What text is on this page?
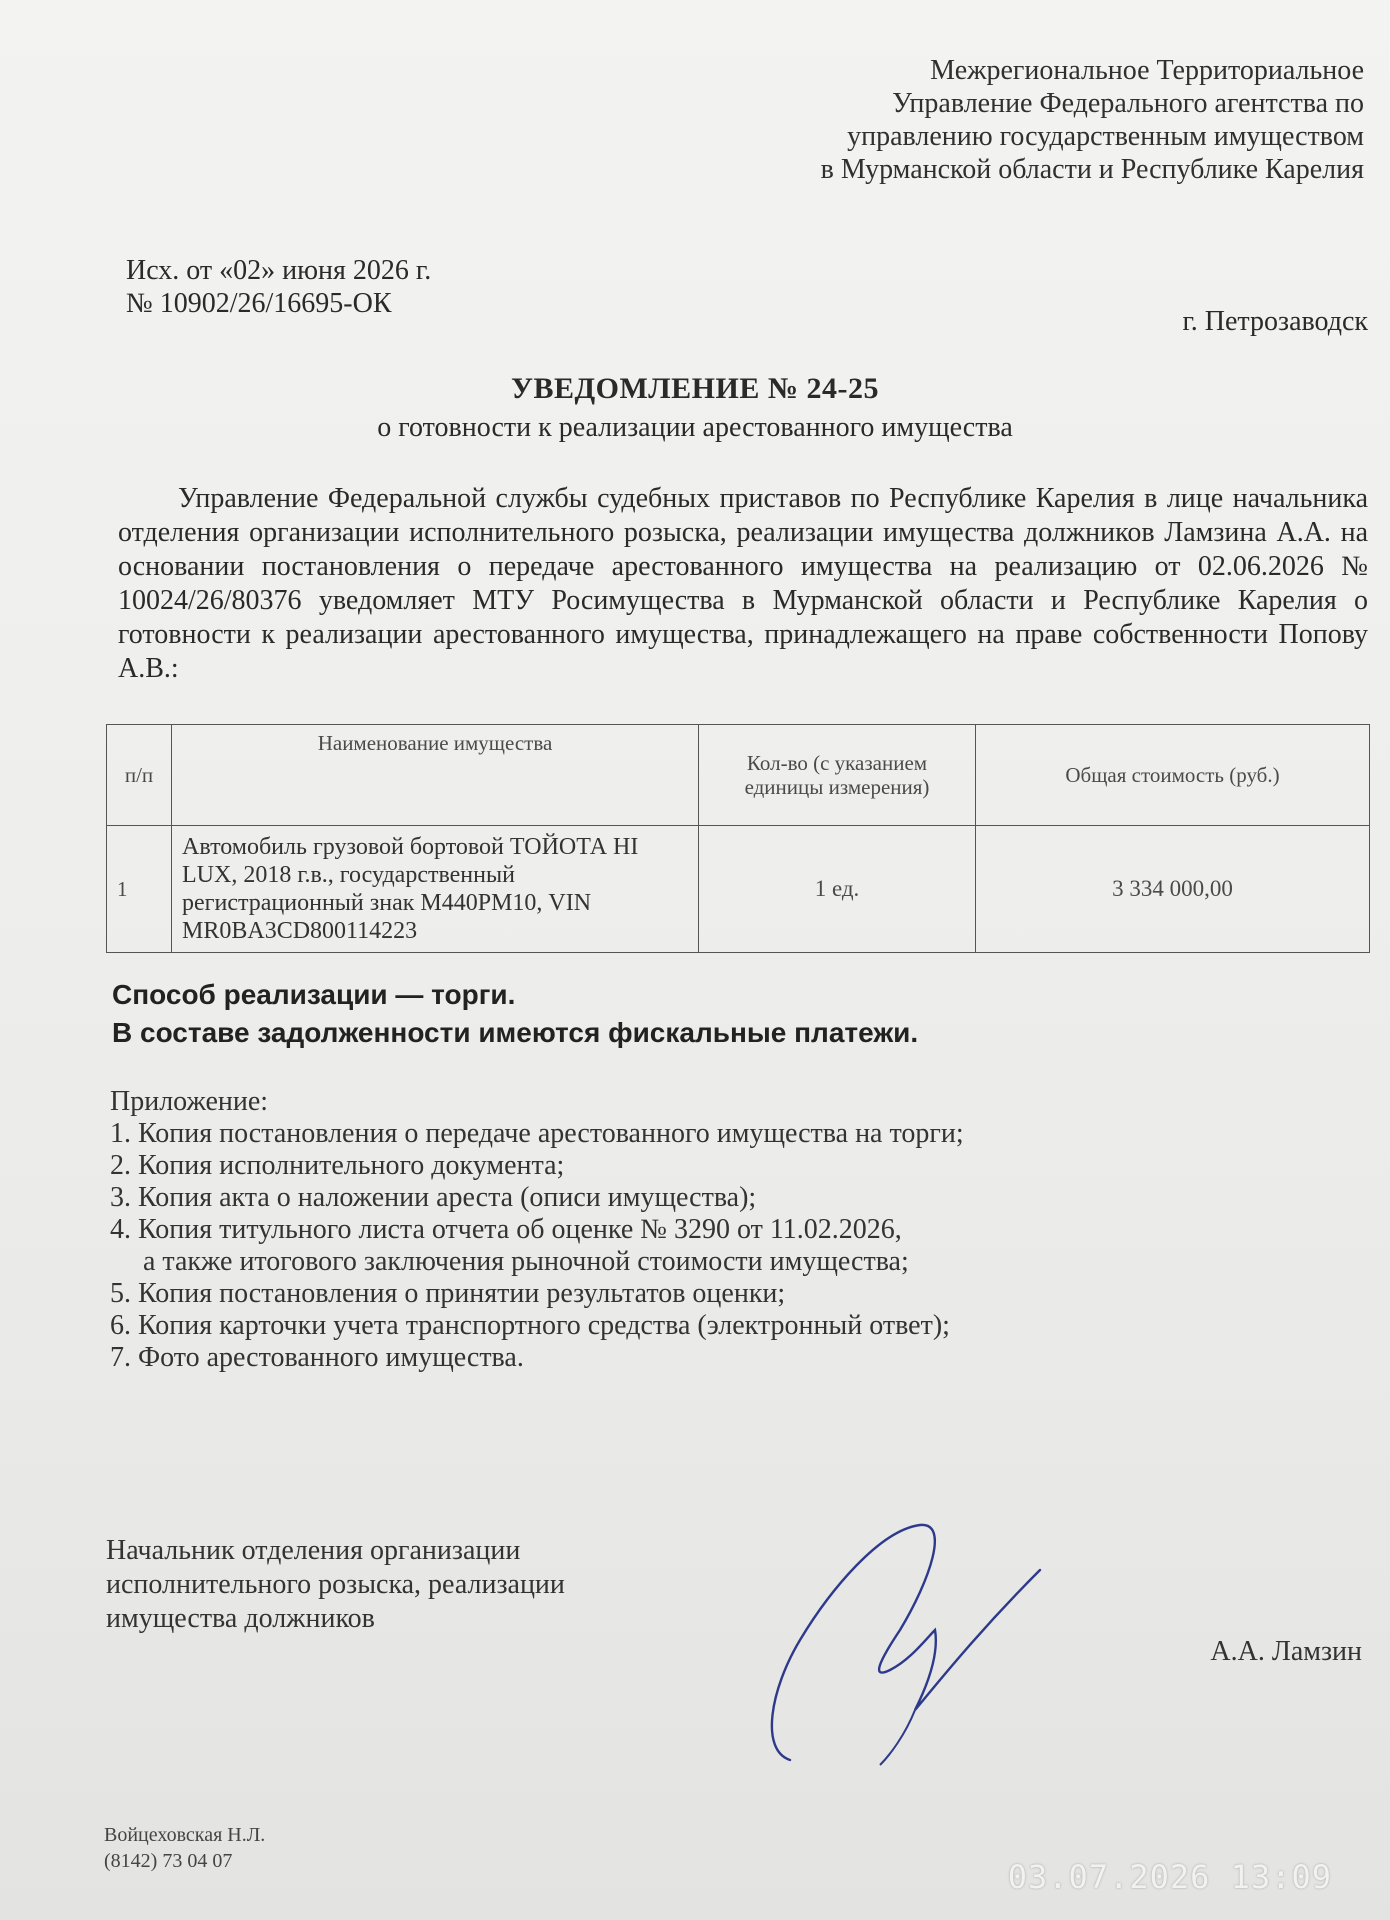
Межрегиональное Территориальное
Управление Федерального агентства по
управлению государственным имуществом
в Мурманской области и Республике Карелия
Исх. от «02» июня 2026 г.
№ 10902/26/16695-ОК
г. Петрозаводск
УВЕДОМЛЕНИЕ № 24-25
о готовности к реализации арестованного имущества
Управление Федеральной службы судебных приставов по Республике Карелия в лице начальника отделения организации исполнительного розыска, реализации имущества должников Ламзина А.А. на основании постановления о передаче арестованного имущества на реализацию от 02.06.2026 № 10024/26/80376 уведомляет МТУ Росимущества в Мурманской области и Республике Карелия о готовности к реализации арестованного имущества, принадлежащего на праве собственности Попову А.В.:
п/п	Наименование имущества	Кол-во (с указанием единицы измерения)	Общая стоимость (руб.)
1	Автомобиль грузовой бортовой ТОЙОТА HI LUX, 2018 г.в., государственный регистрационный знак М440РМ10, VIN MR0BA3CD800114223	1 ед.	3 334 000,00
Способ реализации — торги.
В составе задолженности имеются фискальные платежи.
Приложение:
1. Копия постановления о передаче арестованного имущества на торги;
2. Копия исполнительного документа;
3. Копия акта о наложении ареста (описи имущества);
4. Копия титульного листа отчета об оценке № 3290 от 11.02.2026,
а также итогового заключения рыночной стоимости имущества;
5. Копия постановления о принятии результатов оценки;
6. Копия карточки учета транспортного средства (электронный ответ);
7. Фото арестованного имущества.
Начальник отделения организации
исполнительного розыска, реализации
имущества должников
А.А. Ламзин
Войцеховская Н.Л.
(8142) 73 04 07	03.07.2026 13:09
